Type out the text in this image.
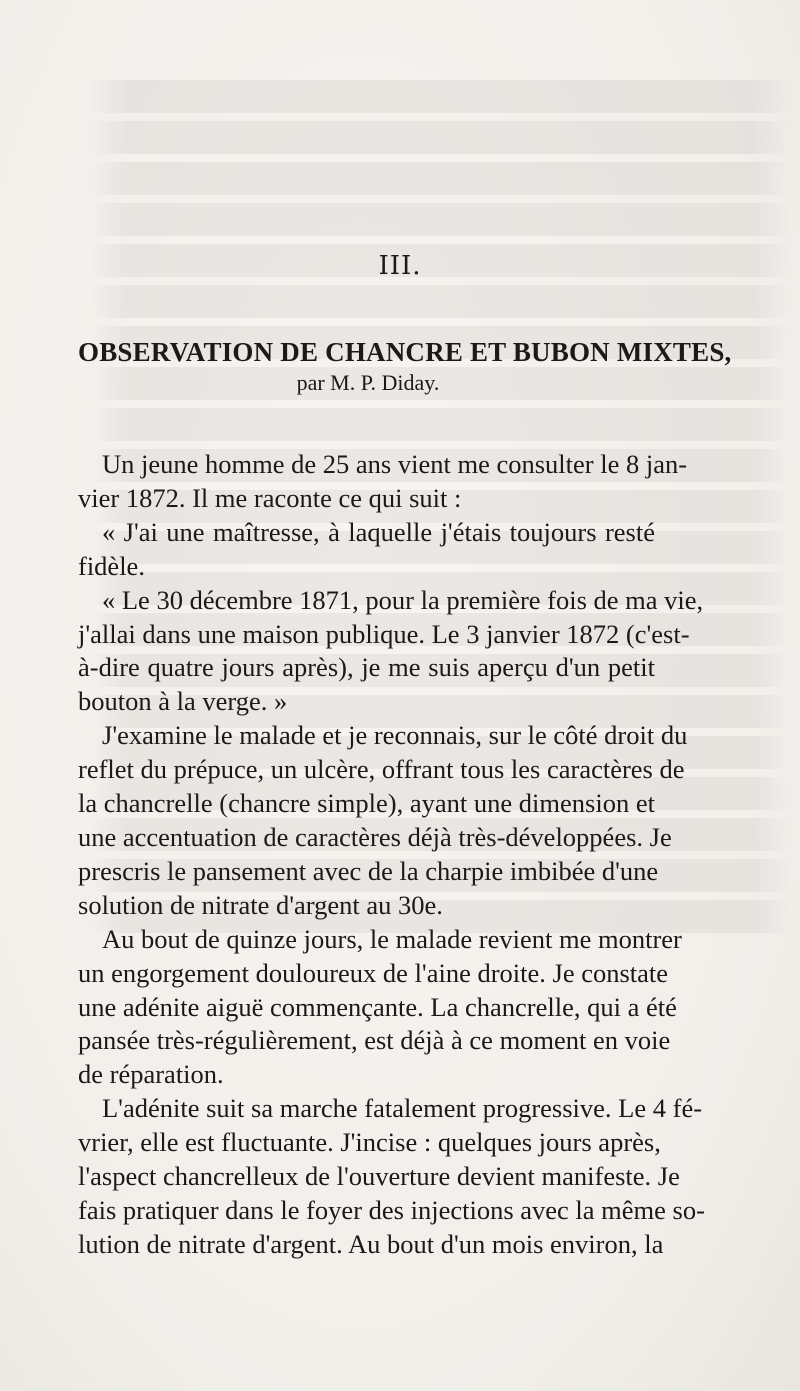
III.
OBSERVATION DE CHANCRE ET BUBON MIXTES,
par M. P. Diday.

Un jeune homme de 25 ans vient me consulter le 8 jan-
vier 1872. Il me raconte ce qui suit :

« J'ai une maîtresse, à laquelle j'étais toujours resté
fidèle.

« Le 30 décembre 1871, pour la première fois de ma vie,
j'allai dans une maison publique. Le 3 janvier 1872 (c'est-
à-dire quatre jours après), je me suis aperçu d'un petit
bouton à la verge. »

J'examine le malade et je reconnais, sur le côté droit du
reflet du prépuce, un ulcère, offrant tous les caractères de
la chancrelle (chancre simple), ayant une dimension et
une accentuation de caractères déjà très-développées. Je
prescris le pansement avec de la charpie imbibée d'une
solution de nitrate d'argent au 30e.

Au bout de quinze jours, le malade revient me montrer
un engorgement douloureux de l'aine droite. Je constate
une adénite aiguë commençante. La chancrelle, qui a été
pansée très-régulièrement, est déjà à ce moment en voie
de réparation.

L'adénite suit sa marche fatalement progressive. Le 4 fé-
vrier, elle est fluctuante. J'incise : quelques jours après,
l'aspect chancrelleux de l'ouverture devient manifeste. Je
fais pratiquer dans le foyer des injections avec la même so-
lution de nitrate d'argent. Au bout d'un mois environ, la
